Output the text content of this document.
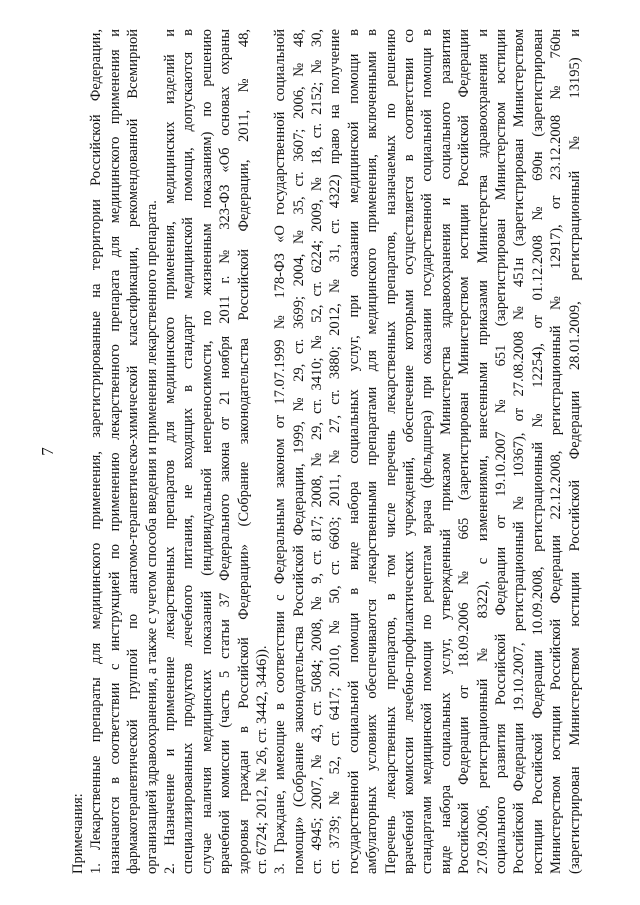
7
Примечания: 1. Лекарственные препараты для медицинского применения, зарегистрированные на территории Российской Федерации, назначаются в соответствии с инструкцией по применению лекарственного препарата для медицинского применения и фармакотерапевтической группой по анатомо-терапевтическо-химической классификации, рекомендованной Всемирной организацией здравоохранения, а также с учетом способа введения и применения лекарственного препарата. 2. Назначение и применение лекарственных препаратов для медицинского применения, медицинских изделий и специализированных продуктов лечебного питания, не входящих в стандарт медицинской помощи, допускаются в случае наличия медицинских показаний (индивидуальной непереносимости, по жизненным показаниям) по решению врачебной комиссии (часть 5 статьи 37 Федерального закона от 21 ноября 2011 г. № 323-ФЗ «Об основах охраны здоровья граждан в Российской Федерации» (Собрание законодательства Российской Федерации, 2011, № 48, ст. 6724; 2012, № 26, ст. 3442, 3446)). 3. Граждане, имеющие в соответствии с Федеральным законом от 17.07.1999 № 178-ФЗ «О государственной социальной помощи» (Собрание законодательства Российской Федерации, 1999, № 29, ст. 3699; 2004, № 35, ст. 3607; 2006, № 48, ст. 4945; 2007, № 43, ст. 5084; 2008, № 9, ст. 817; 2008, № 29, ст. 3410; № 52, ст. 6224; 2009, № 18, ст. 2152; № 30, ст. 3739; № 52, ст. 6417; 2010, № 50, ст. 6603; 2011, № 27, ст. 3880; 2012, № 31, ст. 4322) право на получение государственной социальной помощи в виде набора социальных услуг, при оказании медицинской помощи в амбулаторных условиях обеспечиваются лекарственными препаратами для медицинского применения, включенными в Перечень лекарственных препаратов, в том числе перечень лекарственных препаратов, назначаемых по решению врачебной комиссии лечебно-профилактических учреждений, обеспечение которыми осуществляется в соответствии со стандартами медицинской помощи по рецептам врача (фельдшера) при оказании государственной социальной помощи в виде набора социальных услуг, утвержденный приказом Министерства здравоохранения и социального развития Российской Федерации от 18.09.2006 № 665 (зарегистрирован Министерством юстиции Российской Федерации 27.09.2006, регистрационный № 8322), с изменениями, внесенными приказами Министерства здравоохранения и социального развития Российской Федерации от 19.10.2007 № 651 (зарегистрирован Министерством юстиции Российской Федерации 19.10.2007, регистрационный № 10367), от 27.08.2008 № 451н (зарегистрирован Министерством юстиции Российской Федерации 10.09.2008, регистрационный № 12254), от 01.12.2008 № 690н (зарегистрирован Министерством юстиции Российской Федерации 22.12.2008, регистрационный № 12917), от 23.12.2008 № 760н (зарегистрирован Министерством юстиции Российской Федерации 28.01.2009, регистрационный № 13195) и
